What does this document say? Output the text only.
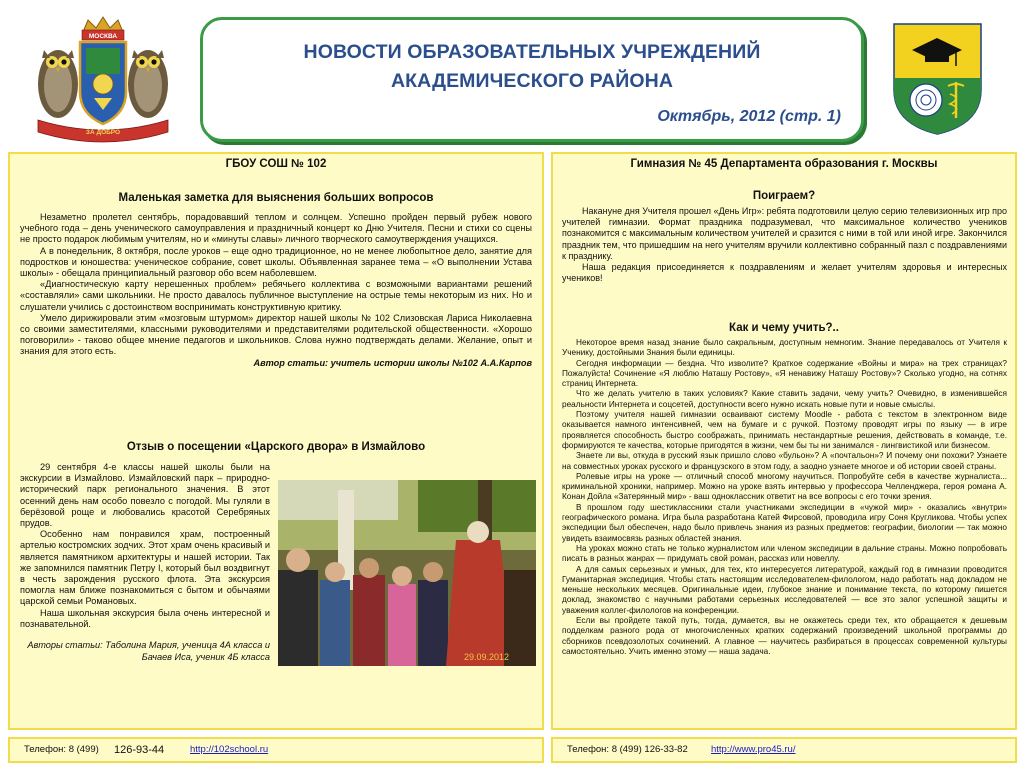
МОСКВА
ЗА ДОБРО
НОВОСТИ ОБРАЗОВАТЕЛЬНЫХ УЧРЕЖДЕНИЙ
АКАДЕМИЧЕСКОГО РАЙОНА
Октябрь, 2012 (стр. 1)
ГБОУ СОШ № 102
Маленькая заметка для выяснения больших вопросов

Незаметно пролетел сентябрь, порадовавший теплом и солнцем. Успешно пройден первый рубеж нового учебного года – день ученического самоуправления и праздничный концерт ко Дню Учителя. Песни и стихи со сцены не просто подарок любимым учителям, но и «минуты славы» личного творческого самоутверждения учащихся.

А в понедельник, 8 октября, после уроков – еще одно традиционное, но не менее любопытное дело, занятие для подростков и юношества: ученическое собрание, совет школы. Объявленная заранее тема – «О выполнении Устава школы» - обещала принципиальный разговор обо всем наболевшем.

«Диагностическую карту нерешенных проблем» ребячьего коллектива с возможными вариантами решений «составляли» сами школьники. Не просто давалось публичное выступление на острые темы некоторым из них. Но и слушатели учились с достоинством воспринимать конструктивную критику.

Умело дирижировали этим «мозговым штурмом» директор нашей школы № 102 Слизовская Лариса Николаевна со своими заместителями, классными руководителями и представителями родительской общественности. «Хорошо поговорили» - таково общее мнение педагогов и школьников. Слова нужно подтверждать делами. Желание, опыт и знания для этого есть.

Автор статьи: учитель истории школы №102 А.А.Карпов
Отзыв о посещении «Царского двора» в Измайлово

29 сентября 4-е классы нашей школы были на экскурсии в Измайлово. Измайловский парк – природно-исторический парк регионального значения. В этот осенний день нам особо повезло с погодой. Мы гуляли в берёзовой роще и любовались красотой Серебряных прудов.

Особенно нам понравился храм, построенный артелью костромских зодчих. Этот храм очень красивый и является памятником архитектуры и нашей истории. Так же запомнился памятник Петру I, который был воздвигнут в честь зарождения русского флота. Эта экскурсия помогла нам ближе познакомиться с бытом и обычаями царской семьи Романовых.

Наша школьная экскурсия была очень интересной и познавательной.

Авторы статьи: Таболина Мария, ученица 4А класса и
Бачаев Иса, ученик 4Б класса	29.09.2012
Телефон: 8 (499) 126-93-44	http://102school.ru
Гимназия № 45 Департамента образования г. Москвы
Поиграем?

Накануне дня Учителя прошел «День Игр»: ребята подготовили целую серию телевизионных игр про учителей гимназии. Формат праздника подразумевал, что максимальное количество учеников познакомится с максимальным количеством учителей и сразится с ними в той или иной игре. Закончился праздник тем, что пришедшим на него учителям вручили коллективно собранный пазл с поздравлениями к празднику.

Наша редакция присоединяется к поздравлениям и желает учителям здоровья и интересных учеников!

Как и чему учить?..

Некоторое время назад знание было сакральным, доступным немногим. Знание передавалось от Учителя к Ученику, достойными Знания были единицы.

Сегодня информации — бездна. Что изволите? Краткое содержание «Войны и мира» на трех страницах? Пожалуйста! Сочинение «Я люблю Наташу Ростову», «Я ненавижу Наташу Ростову»? Сколько угодно, на сотнях страниц Интернета.

Что же делать учителю в таких условиях? Какие ставить задачи, чему учить? Очевидно, в изменившейся реальности Интернета и соцсетей, доступности всего нужно искать новые пути и новые смыслы.

Поэтому учителя нашей гимназии осваивают систему Moodle - работа с текстом в электронном виде оказывается намного интенсивней, чем на бумаге и с ручкой. Поэтому проводят игры по языку — в игре проявляется способность быстро соображать, принимать нестандартные решения, действовать в команде, т.е. формируются те качества, которые пригодятся в жизни, чем бы ты ни занимался - лингвистикой или бизнесом.

Знаете ли вы, откуда в русский язык пришло слово «бульон»? А «почтальон»? И почему они похожи? Узнаете на совместных уроках русского и французского в этом году, а заодно узнаете многое и об истории своей страны.

Ролевые игры на уроке — отличный способ многому научиться. Попробуйте себя в качестве журналиста... криминальной хроники, например. Можно на уроке взять интервью у профессора Челленджера, героя романа А. Конан Дойла «Затерянный мир» - ваш одноклассник ответит на все вопросы с его точки зрения.

В прошлом году шестиклассники стали участниками экспедиции в «чужой мир» - оказались «внутри» географического романа. Игра была разработана Катей Фирсовой, проводила игру Соня Кругликова. Чтобы успех экспедиции был обеспечен, надо было привлечь знания из разных предметов: географии, биологии — так можно увидеть взаимосвязь разных областей знания.

На уроках можно стать не только журналистом или членом экспедиции в дальние страны. Можно попробовать писать в разных жанрах — придумать свой роман, рассказ или новеллу.

А для самых серьезных и умных, для тех, кто интересуется литературой, каждый год в гимназии проводится Гуманитарная экспедиция. Чтобы стать настоящим исследователем-филологом, надо работать над докладом не меньше нескольких месяцев. Оригинальные идеи, глубокое знание и понимание текста, по которому пишется доклад, знакомство с научными работами серьезных исследователей — все это залог успешной защиты и уважения коллег-филологов на конференции.

Если вы пройдете такой путь, тогда, думается, вы не окажетесь среди тех, кто обращается к дешевым подделкам разного рода от многочисленных кратких содержаний произведений школьной программы до сборников псевдозолотых сочинений. А главное — научитесь разбираться в процессах современной культуры самостоятельно. Учить именно этому — наша задача.

Телефон: 8 (499) 126-33-82 http://www.pro45.ru/
